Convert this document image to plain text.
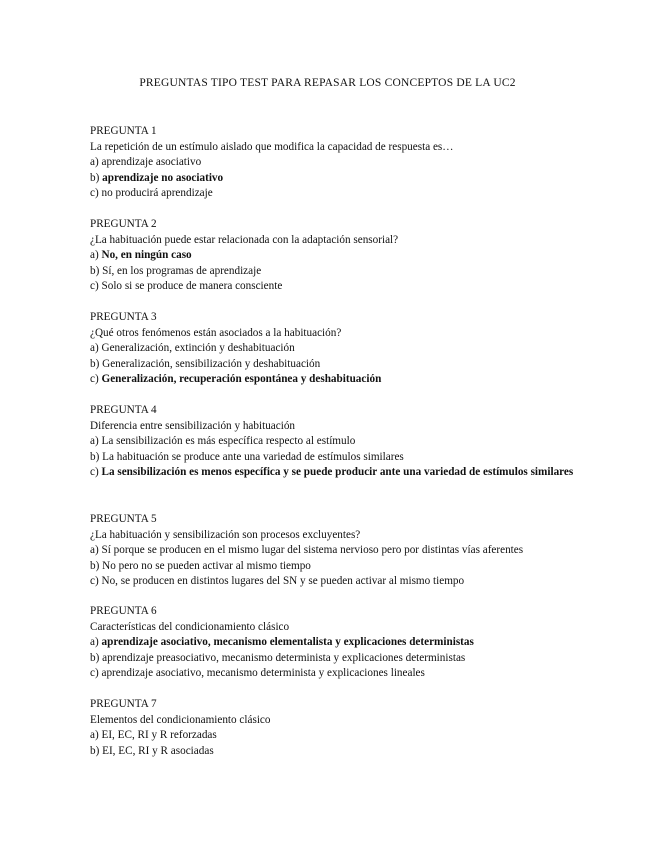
PREGUNTAS TIPO TEST PARA REPASAR LOS CONCEPTOS DE LA UC2
PREGUNTA 1
La repetición de un estímulo aislado que modifica la capacidad de respuesta es…
a) aprendizaje asociativo
b) aprendizaje no asociativo
c) no producirá aprendizaje
PREGUNTA 2
¿La habituación puede estar relacionada con la adaptación sensorial?
a) No, en ningún caso
b) Sí, en los programas de aprendizaje
c) Solo si se produce de manera consciente
PREGUNTA 3
¿Qué otros fenómenos están asociados a la habituación?
a) Generalización, extinción y deshabituación
b) Generalización, sensibilización y deshabituación
c) Generalización, recuperación espontánea y deshabituación
PREGUNTA 4
Diferencia entre sensibilización y habituación
a) La sensibilización es más específica respecto al estímulo
b) La habituación se produce ante una variedad de estímulos similares
c) La sensibilización es menos específica y se puede producir ante una variedad de estímulos similares
PREGUNTA 5
¿La habituación y sensibilización son procesos excluyentes?
a) Sí porque se producen en el mismo lugar del sistema nervioso pero por distintas vías aferentes
b) No pero no se pueden activar al mismo tiempo
c) No, se producen en distintos lugares del SN y se pueden activar al mismo tiempo
PREGUNTA 6
Características del condicionamiento clásico
a) aprendizaje asociativo, mecanismo elementalista y explicaciones deterministas
b) aprendizaje preasociativo, mecanismo determinista y explicaciones deterministas
c) aprendizaje asociativo, mecanismo determinista y explicaciones lineales
PREGUNTA 7
Elementos del condicionamiento clásico
a) EI, EC, RI y R reforzadas
b) EI, EC, RI y R asociadas
